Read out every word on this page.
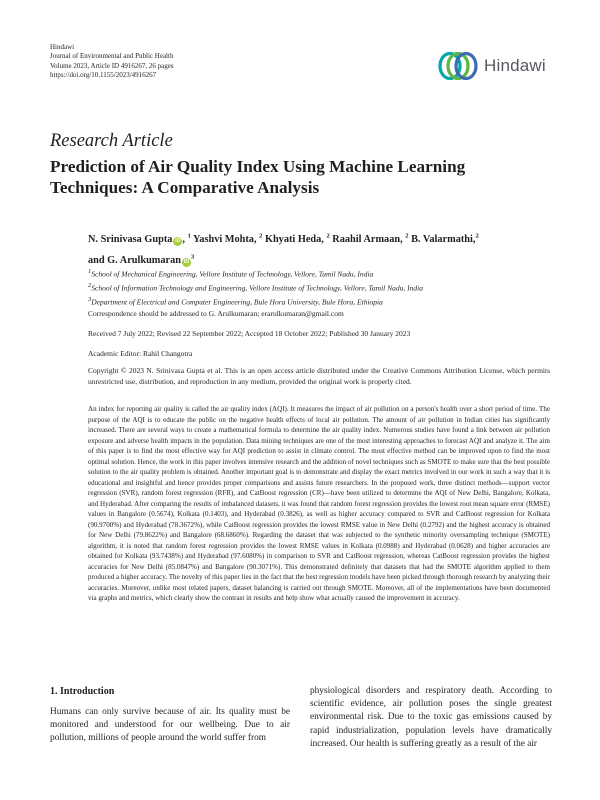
Hindawi
Journal of Environmental and Public Health
Volume 2023, Article ID 4916267, 26 pages
https://doi.org/10.1155/2023/4916267	Hindawi
Research Article
Prediction of Air Quality Index Using Machine Learning Techniques: A Comparative Analysis
N. Srinivasa Gupta iD , $^1$ Yashvi Mohta, $^2$ Khyati Heda, $^2$ Raahil Armaan, $^2$ B. Valarmathi,$^2$
and G. Arulkumaran $iD^3$
$^1$School of Mechanical Engineering, Vellore Institute of Technology, Vellore, Tamil Nadu, India
$^2$School of Information Technology and Engineering, Vellore Institute of Technology, Vellore, Tamil Nadu, India
$^3$Department of Electrical and Computer Engineering, Bule Hora University, Bule Hora, Ethiopia
Correspondence should be addressed to G. Arulkumaran; erarulkumaran@gmail.com
Received 7 July 2022; Revised 22 September 2022; Accepted 18 October 2022; Published 30 January 2023
Academic Editor: Rahil Changotra
Copyright © 2023 N. Srinivasa Gupta et al. This is an open access article distributed under the Creative Commons Attribution License, which permits unrestricted use, distribution, and reproduction in any medium, provided the original work is properly cited.
An index for reporting air quality is called the air quality index (AQI). It measures the impact of air pollution on a person's health over a short period of time. The purpose of the AQI is to educate the public on the negative health effects of local air pollution. The amount of air pollution in Indian cities has significantly increased. There are several ways to create a mathematical formula to determine the air quality index. Numerous studies have found a link between air pollution exposure and adverse health impacts in the population. Data mining techniques are one of the most interesting approaches to forecast AQI and analyze it. The aim of this paper is to find the most effective way for AQI prediction to assist in climate control. The most effective method can be improved upon to find the most optimal solution. Hence, the work in this paper involves intensive research and the addition of novel techniques such as SMOTE to make sure that the best possible solution to the air quality problem is obtained. Another important goal is to demonstrate and display the exact metrics involved in our work in such a way that it is educational and insightful and hence provides proper comparisons and assists future researchers. In the proposed work, three distinct methods—support vector regression (SVR), random forest regression (RFR), and CatBoost regression (CR)—have been utilized to determine the AQI of New Delhi, Bangalore, Kolkata, and Hyderabad. After comparing the results of imbalanced datasets, it was found that random forest regression provides the lowest root mean square error (RMSE) values in Bangalore (0.5674), Kolkata (0.1403), and Hyderabad (0.3826), as well as higher accuracy compared to SVR and CatBoost regression for Kolkata (90.9700%) and Hyderabad (78.3672%), while CatBoost regression provides the lowest RMSE value in New Delhi (0.2792) and the highest accuracy is obtained for New Delhi (79.8622%) and Bangalore (68.6860%). Regarding the dataset that was subjected to the synthetic minority oversampling technique (SMOTE) algorithm, it is noted that random forest regression provides the lowest RMSE values in Kolkata (0.0988) and Hyderabad (0.0628) and higher accuracies are obtained for Kolkata (93.7438%) and Hyderabad (97.6080%) in comparison to SVR and CatBoost regression, whereas CatBoost regression provides the highest accuracies for New Delhi (85.0847%) and Bangalore (90.3071%). This demonstrated definitely that datasets that had the SMOTE algorithm applied to them produced a higher accuracy. The novelty of this paper lies in the fact that the best regression models have been picked through thorough research by analyzing their accuracies. Moreover, unlike most related papers, dataset balancing is carried out through SMOTE. Moreover, all of the implementations have been documented via graphs and metrics, which clearly show the contrast in results and help show what actually caused the improvement in accuracy.
1. Introduction
Humans can only survive because of air. Its quality must be monitored and understood for our wellbeing. Due to air pollution, millions of people around the world suffer from
physiological disorders and respiratory death. According to scientific evidence, air pollution poses the single greatest environmental risk. Due to the toxic gas emissions caused by rapid industrialization, population levels have dramatically increased. Our health is suffering greatly as a result of the air
